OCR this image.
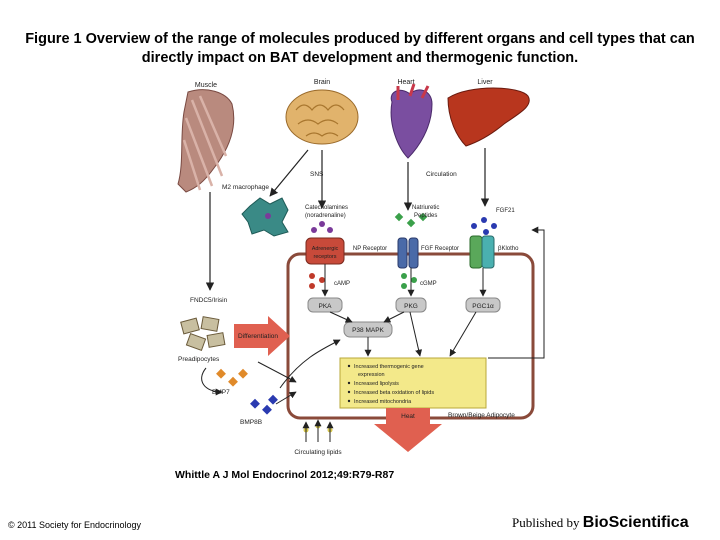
Figure 1 Overview of the range of molecules produced by different organs and cell types that can directly impact on BAT development and thermogenic function.
Muscle	Brain	Heart	Liver
M2 macrophage
SNS	Circulation
Catecholamines
(noradrenaline)
Natriuretic
Peptides
FGF21
Adrenergic
receptors
NP Receptor	FGF Receptor	βKlotho
cAMP	cGMP
PKA	PKG	PGC1α
P38 MAPK
Increased thermogenic gene
expression
Increased lipolysis
Increased beta oxidation of lipids
Increased mitochondria
FNDC5/Irisin
Preadipocytes
Differentiation
BMP7
BMP8B
Heat	Brown/Beige Adipocyte
Circulating lipids
Whittle A J Mol Endocrinol 2012;49:R79-R87
© 2011 Society for Endocrinology	Published by BioScientifica
